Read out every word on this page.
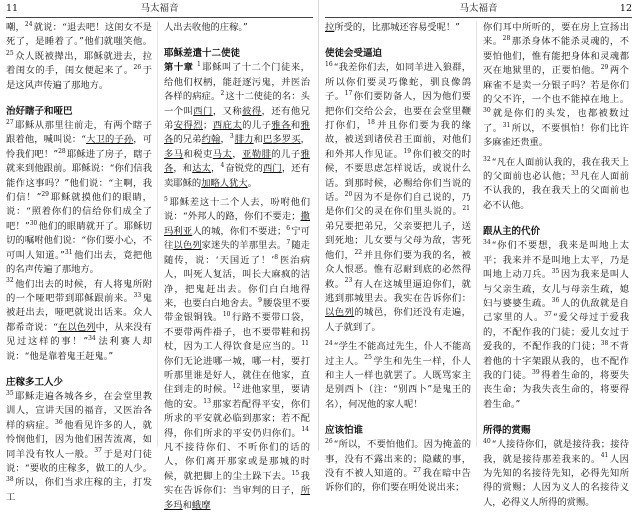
11	马太福音

嘲，$^{24}$就说：“退去吧！这闺女不是死了，是睡着了。”他们就嗤笑他。$^{25}$众人既被撵出，耶稣就进去，拉着闺女的手，闺女便起来了。$^{26}$于是这风声传遍了那地方。

治好瞎子和哑巴

$^{27}$耶稣从那里往前走，有两个瞎子跟着他，喊叫说：“大卫的子孙，可怜我们吧！”$^{28}$耶稣进了房子，瞎子就来到他跟前。耶稣说：“你们信我能作这事吗？”他们说：“主啊，我们信！”$^{29}$耶稣就摸他们的眼睛，说：“照着你们的信给你们成全了吧！”$^{30}$他们的眼睛就开了。耶稣切切的嘱咐他们说：“你们要小心，不可叫人知道。”$^{31}$他们出去，竟把他的名声传遍了那地方。

$^{32}$他们出去的时候，有人将鬼所附的一个哑吧带到耶稣跟前来。$^{33}$鬼被赶出去，哑吧就说出话来。众人都希奇说：“在以色列中，从来没有见过这样的事！”$^{34}$法利赛人却说：“他是靠着鬼王赶鬼。”

庄稼多工人少

$^{35}$耶稣走遍各城各乡，在会堂里教训人，宣讲天国的福音，又医治各样的病症。$^{36}$他看见许多的人，就怜悯他们，因为他们困苦流离，如同羊没有牧人一般。$^{37}$于是对门徒说：“要收的庄稼多，做工的人少。$^{38}$所以，你们当求庄稼的主，打发工

人出去收他的庄稼。”

耶稣差遣十二使徒

第十章 $^1$耶稣叫了十二个门徒来，给他们权柄，能赶逐污鬼，并医治各样的病症。$^2$这十二使徒的名：头一个叫西门，又称彼得，还有他兄弟安得烈；西庇太的儿子雅各和雅各的兄弟约翰，$^3$腓力和巴多罗买，多马和税吏马太，亚勒腓的儿子雅各，和达太，$^4$奋锐党的西门，还有卖耶稣的加略人犹大。

$^5$耶稣差这十二个人去，吩咐他们说：“外邦人的路，你们不要走；撒玛利亚人的城，你们不要进；$^6$宁可往以色列家迷失的羊那里去。$^7$随走随传，说：‘天国近了！’$^8$医治病人，叫死人复活，叫长大麻疯的洁净，把鬼赶出去。你们白白地得来，也要白白地舍去。$^9$腰袋里不要带金银铜钱。$^{10}$行路不要带口袋，不要带两件褂子，也不要带鞋和拐杖，因为工人得饮食是应当的。$^{11}$你们无论进哪一城，哪一村，要打听那里谁是好人，就住在他家，直住到走的时候。$^{12}$进他家里，要请他的安。$^{13}$那家若配得平安，你们所求的平安就必临到那家；若不配得，你们所求的平安仍归你们。$^{14}$凡不接待你们、不听你们的话的人，你们离开那家或是那城的时候，就把脚上的尘土跺下去。$^{15}$我实在告诉你们：当审判的日子，所多玛和蛾摩

马太福音	12

拉所受的，比那城还容易受呢！”

使徒会受逼迫

$^{16}$“我差你们去，如同羊进入狼群，所以你们要灵巧像蛇，驯良像鸽子。$^{17}$你们要防备人，因为他们要把你们交给公会，也要在会堂里鞭打你们，$^{18}$并且你们要为我的缘故，被送到诸侯君王面前，对他们和外邦人作见证。$^{19}$你们被交的时候，不要思虑怎样说话，或说什么话。到那时候，必赐给你们当说的话。$^{20}$因为不是你们自己说的，乃是你们父的灵在你们里头说的。$^{21}$弟兄要把弟兄，父亲要把儿子，送到死地；儿女要与父母为敌，害死他们，$^{22}$并且你们要为我的名，被众人恨恶。惟有忍耐到底的必然得救。$^{23}$有人在这城里逼迫你们，就逃到那城里去。我实在告诉你们：以色列的城邑，你们还没有走遍，人子就到了。

$^{24}$“学生不能高过先生，仆人不能高过主人。$^{25}$学生和先生一样，仆人和主人一样也就罢了。人既骂家主是别西卜（注：“别西卜”是鬼王的名），何况他的家人呢！

应该怕谁

$^{26}$“所以，不要怕他们。因为掩盖的事，没有不露出来的；隐藏的事，没有不被人知道的。$^{27}$我在暗中告诉你们的，你们要在明处说出来；

你们耳中所听的，要在房上宣扬出来。$^{28}$那杀身体不能杀灵魂的，不要怕他们，惟有能把身体和灵魂都灭在地狱里的，正要怕他。$^{29}$两个麻雀不是卖一分银子吗？若是你们的父不许，一个也不能掉在地上。$^{30}$就是你们的头发，也都被数过了。$^{31}$所以，不要惧怕！你们比许多麻雀还贵重。

$^{32}$“凡在人面前认我的，我在我天上的父面前也必认他；$^{33}$凡在人面前不认我的，我在我天上的父面前也必不认他。

跟从主的代价

$^{34}$“你们不要想，我来是叫地上太平；我来并不是叫地上太平，乃是叫地上动刀兵。$^{35}$因为我来是叫人与父亲生疏，女儿与母亲生疏，媳妇与婆婆生疏。$^{36}$人的仇敌就是自己家里的人。$^{37}$“爱父母过于爱我的，不配作我的门徒；爱儿女过于爱我的，不配作我的门徒；$^{38}$不背着他的十字架跟从我的，也不配作我的门徒。$^{39}$得着生命的，将要失丧生命；为我失丧生命的，将要得着生命。”

所得的赏赐

$^{40}$“人接待你们，就是接待我；接待我，就是接待那差我来的。$^{41}$人因为先知的名接待先知，必得先知所得的赏赐；人因为义人的名接待义人，必得义人所得的赏赐。
